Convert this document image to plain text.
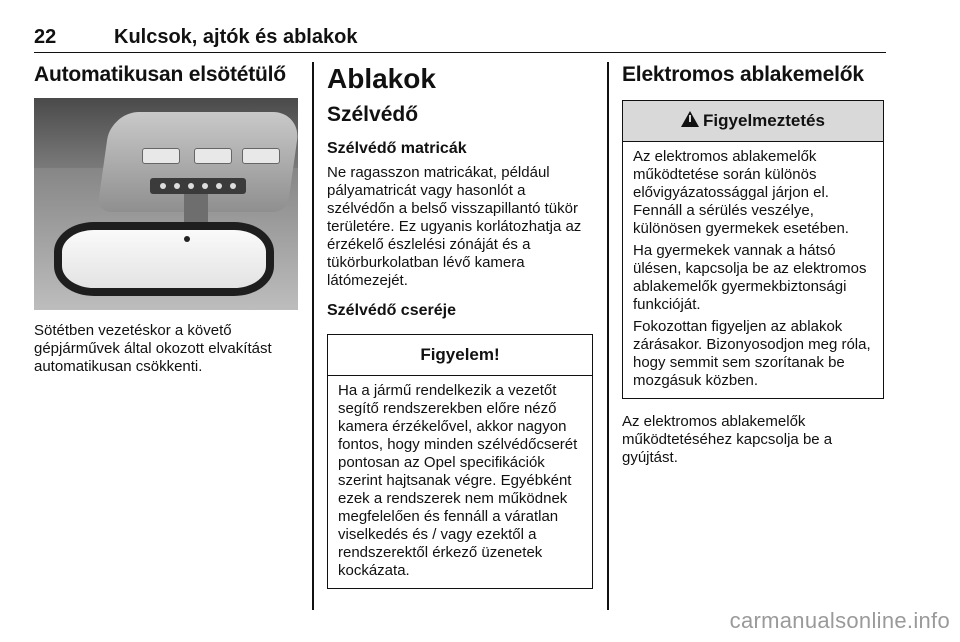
22	Kulcsok, ajtók és ablakok
Automatikusan elsötétülő

Sötétben vezetéskor a követő gépjárművek által okozott elvakítást automatikusan csökkenti.

Ablakok
Szélvédő
Szélvédő matricák

Ne ragasszon matricákat, például pályamatricát vagy hasonlót a szélvédőn a belső visszapillantó tükör területére. Ez ugyanis korlátozhatja az érzékelő észlelési zónáját és a tükörburkolatban lévő kamera látómezejét.

Szélvédő cseréje
Figyelem!

Ha a jármű rendelkezik a vezetőt segítő rendszerekben előre néző kamera érzékelővel, akkor nagyon fontos, hogy minden szélvédőcserét pontosan az Opel specifikációk szerint hajtsanak végre. Egyébként ezek a rendszerek nem működnek megfelelően és fennáll a váratlan viselkedés és / vagy ezektől a rendszerektől érkező üzenetek kockázata.

Elektromos ablakemelők
Figyelmeztetés

Az elektromos ablakemelők működtetése során különös elővigyázatossággal járjon el. Fennáll a sérülés veszélye, különösen gyermekek esetében.

Ha gyermekek vannak a hátsó ülésen, kapcsolja be az elektromos ablakemelők gyermekbiztonsági funkcióját.

Fokozottan figyeljen az ablakok zárásakor. Bizonyosodjon meg róla, hogy semmit sem szorítanak be mozgásuk közben.

Az elektromos ablakemelők működtetéséhez kapcsolja be a gyújtást.

carmanualsonline.info
